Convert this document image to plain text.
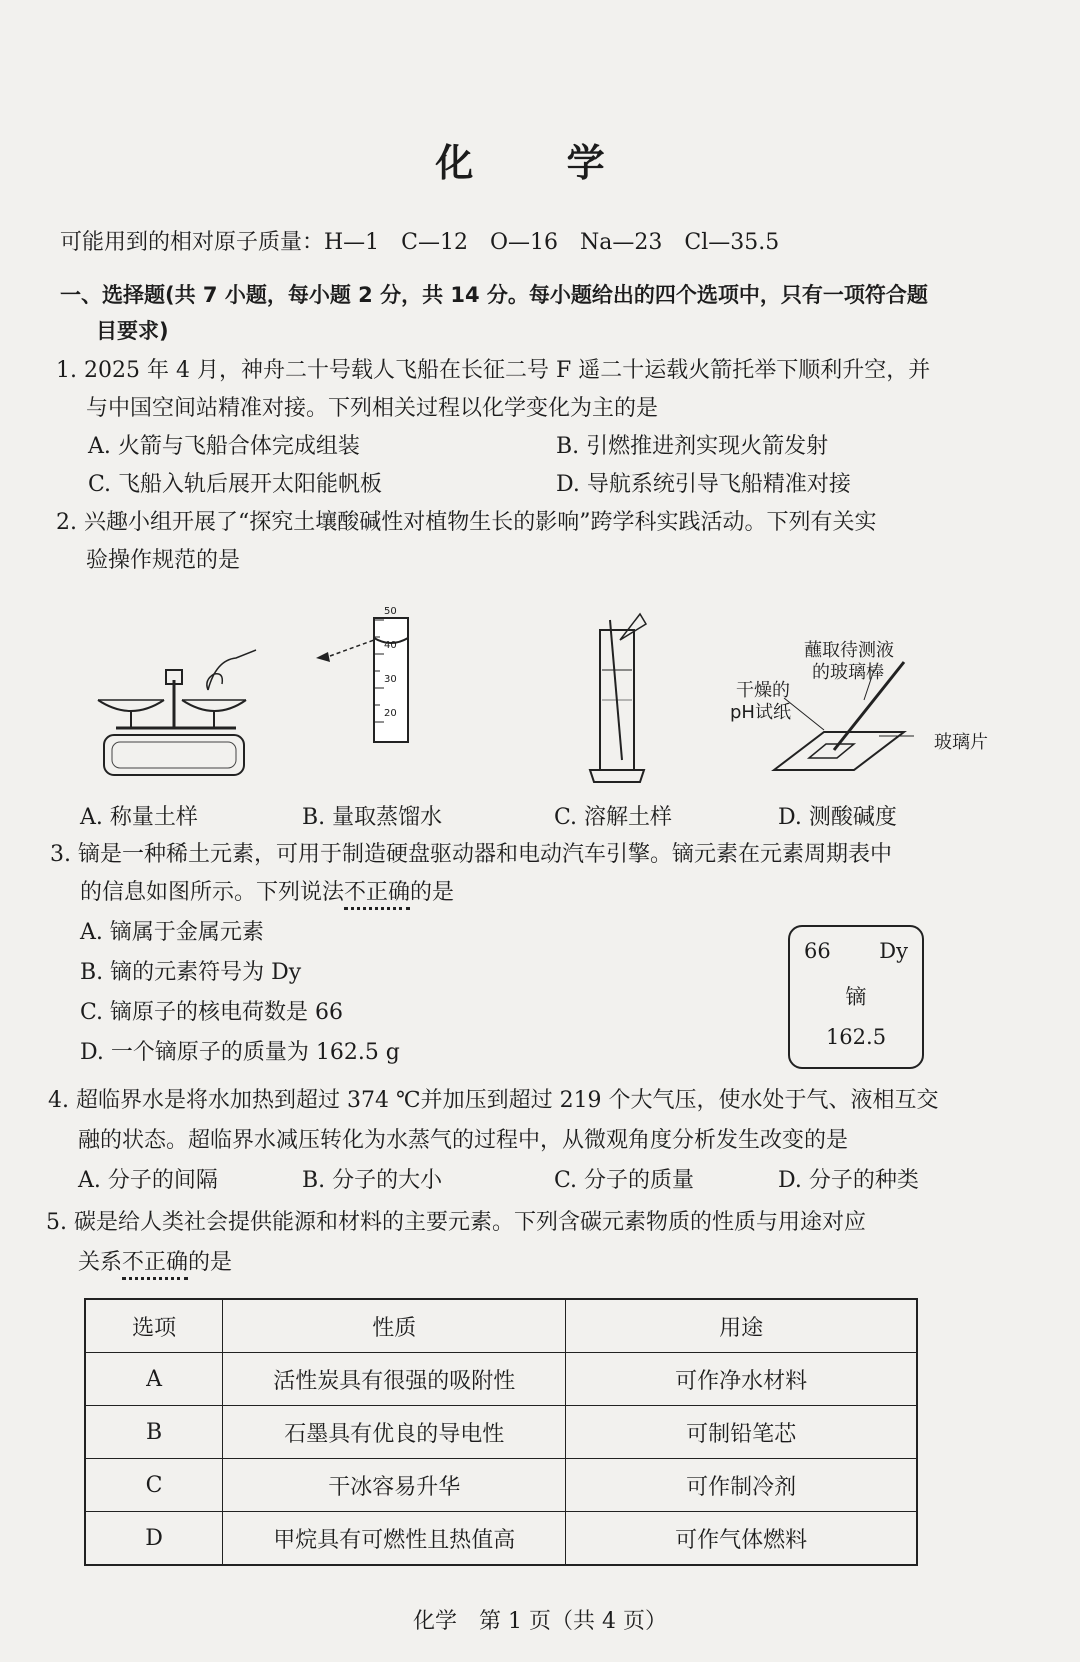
化 学
可能用到的相对原子质量：H—1　C—12　O—16　Na—23　Cl—35.5
一、选择题(共 7 小题，每小题 2 分，共 14 分。每小题给出的四个选项中，只有一项符合题
目要求)
1. 2025 年 4 月，神舟二十号载人飞船在长征二号 F 遥二十运载火箭托举下顺利升空，并
与中国空间站精准对接。下列相关过程以化学变化为主的是
A. 火箭与飞船合体完成组装	B. 引燃推进剂实现火箭发射
C. 飞船入轨后展开太阳能帆板	D. 导航系统引导飞船精准对接
2. 兴趣小组开展了“探究土壤酸碱性对植物生长的影响”跨学科实践活动。下列有关实
验操作规范的是
50
40
30
20
蘸取待测液
的玻璃棒
干燥的
pH试纸
玻璃片
A. 称量土样	B. 量取蒸馏水	C. 溶解土样	D. 测酸碱度
3. 镝是一种稀土元素，可用于制造硬盘驱动器和电动汽车引擎。镝元素在元素周期表中
的信息如图所示。下列说法不正确的是
A. 镝属于金属元素
B. 镝的元素符号为 Dy
C. 镝原子的核电荷数是 66
D. 一个镝原子的质量为 162.5 g
66 Dy
镝
162.5
4. 超临界水是将水加热到超过 374 ℃并加压到超过 219 个大气压，使水处于气、液相互交
融的状态。超临界水减压转化为水蒸气的过程中，从微观角度分析发生改变的是
A. 分子的间隔	B. 分子的大小	C. 分子的质量	D. 分子的种类
5. 碳是给人类社会提供能源和材料的主要元素。下列含碳元素物质的性质与用途对应
关系不正确的是
选项	性质	用途
A	活性炭具有很强的吸附性	可作净水材料
B	石墨具有优良的导电性	可制铅笔芯
C	干冰容易升华	可作制冷剂
D	甲烷具有可燃性且热值高	可作气体燃料
化学　第 1 页（共 4 页）
